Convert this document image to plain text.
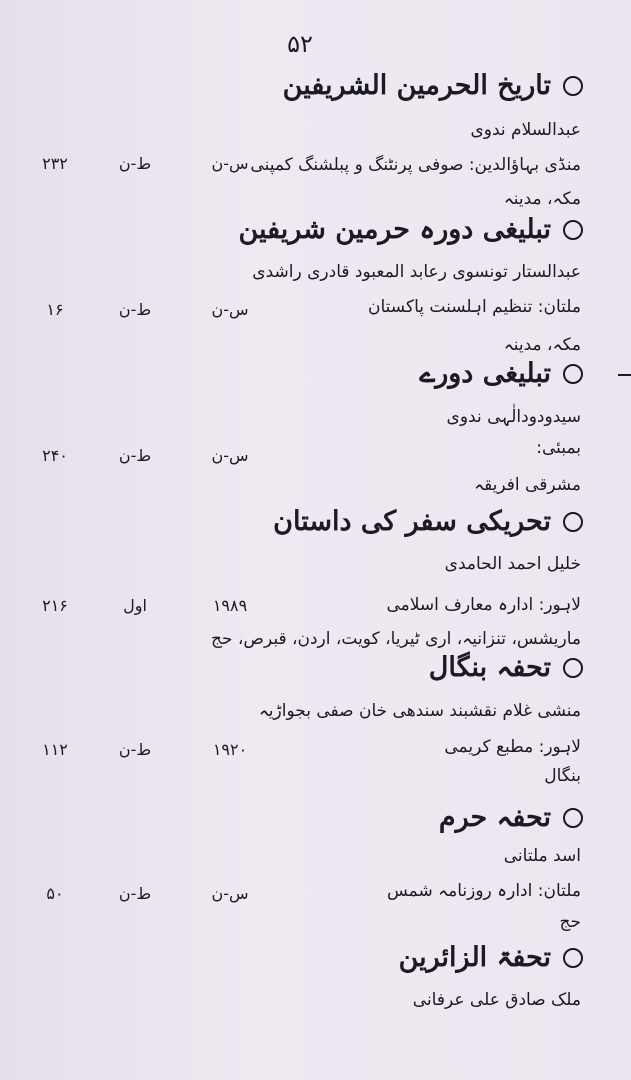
۵۲
تاریخ الحرمین الشریفین
عبدالسلام ندوی
منڈی بہاؤالدین: صوفی پرنٹنگ و پبلشنگ کمپنی
س-ن
ط-ن
۲۳۲
مکہ، مدینہ
تبلیغی دورہ حرمین شریفین
عبدالستار تونسوی رعابد المعبود قادری راشدی
ملتان: تنظیم اہلسنت پاکستان
س-ن
ط-ن
۱۶
مکہ، مدینہ
تبلیغی دورے
سیدودودالٰہی ندوی
بمبئی:
س-ن
ط-ن
۲۴۰
مشرقی افریقہ
تحریکی سفر کی داستان
خلیل احمد الحامدی
لاہور: ادارہ معارف اسلامی
۱۹۸۹
اول
۲۱۶
ماریشس، تنزانیہ، اری ٹیریا، کویت، اردن، قبرص، حج
تحفہ بنگال
منشی غلام نقشبند سندھی خان صفی بجواڑیہ
لاہور: مطبع کریمی
۱۹۲۰
ط-ن
۱۱۲
بنگال
تحفہ حرم
اسد ملتانی
ملتان: ادارہ روزنامہ شمس
س-ن
ط-ن
۵۰
حج
تحفۃ الزائرین
ملک صادق علی عرفانی
